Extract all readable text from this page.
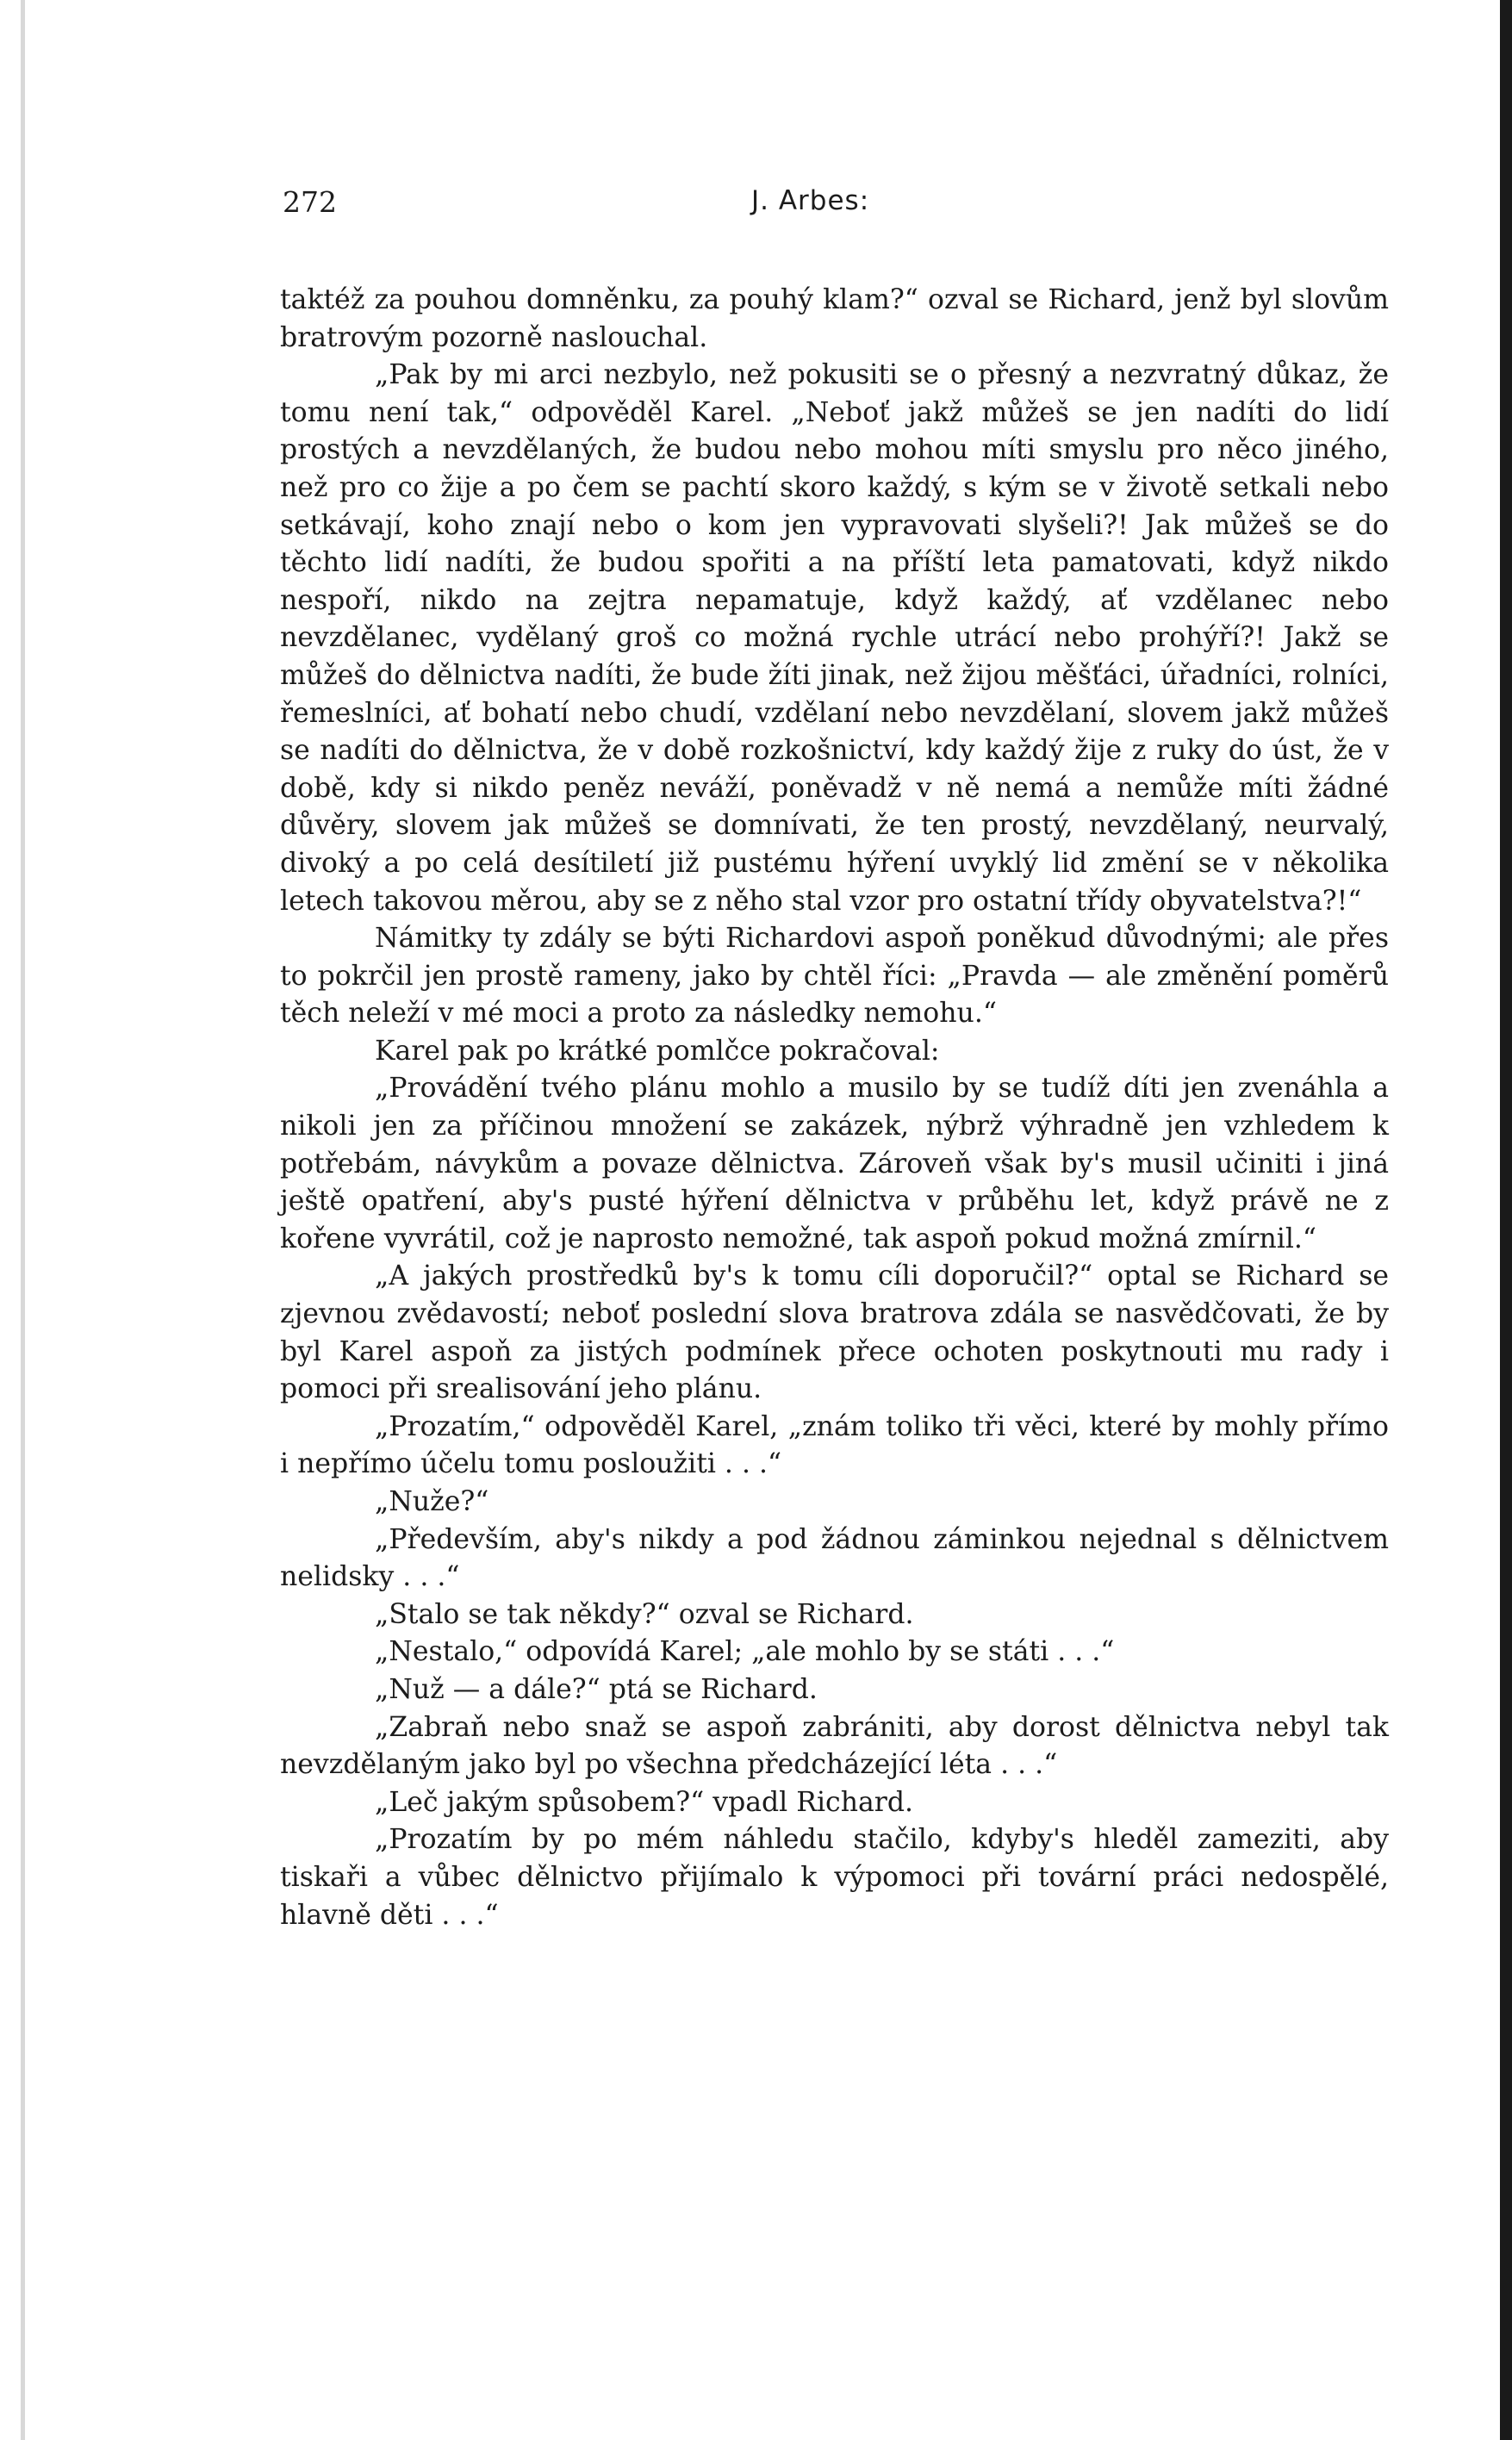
272	J. Arbes:

taktéž za pouhou domněnku, za pouhý klam?“ ozval se Richard, jenž byl slovům bratrovým pozorně naslouchal.

„Pak by mi arci nezbylo, než pokusiti se o přesný a nezvratný důkaz, že tomu není tak,“ odpověděl Karel. „Neboť jakž můžeš se jen nadíti do lidí prostých a nevzdělaných, že budou nebo mohou míti smyslu pro něco jiného, než pro co žije a po čem se pachtí skoro každý, s kým se v životě setkali nebo setkávají, koho znají nebo o kom jen vypravovati slyšeli?! Jak můžeš se do těchto lidí nadíti, že budou spořiti a na příští leta pamatovati, když nikdo nespoří, nikdo na zejtra nepamatuje, když každý, ať vzdělanec nebo nevzdělanec, vydělaný groš co možná rychle utrácí nebo prohýří?! Jakž se můžeš do dělnictva nadíti, že bude žíti jinak, než žijou měšťáci, úřadníci, rolníci, řemeslníci, ať bohatí nebo chudí, vzdělaní nebo nevzdělaní, slovem jakž můžeš se nadíti do dělnictva, že v době rozkošnictví, kdy každý žije z ruky do úst, že v době, kdy si nikdo peněz neváží, poněvadž v ně nemá a nemůže míti žádné důvěry, slovem jak můžeš se domnívati, že ten prostý, nevzdělaný, neurvalý, divoký a po celá desítiletí již pustému hýření uvyklý lid změní se v několika letech takovou měrou, aby se z něho stal vzor pro ostatní třídy obyvatelstva?!“

Námitky ty zdály se býti Richardovi aspoň poněkud důvodnými; ale přes to pokrčil jen prostě rameny, jako by chtěl říci: „Pravda — ale změnění poměrů těch neleží v mé moci a proto za následky nemohu.“

Karel pak po krátké pomlčce pokračoval:

„Provádění tvého plánu mohlo a musilo by se tudíž díti jen zvenáhla a nikoli jen za příčinou množení se zakázek, nýbrž výhradně jen vzhledem k potřebám, návykům a povaze dělnictva. Zároveň však by's musil učiniti i jiná ještě opatření, aby's pusté hýření dělnictva v průběhu let, když právě ne z kořene vyvrátil, což je naprosto nemožné, tak aspoň pokud možná zmírnil.“

„A jakých prostředků by's k tomu cíli doporučil?“ optal se Richard se zjevnou zvědavostí; neboť poslední slova bratrova zdála se nasvědčovati, že by byl Karel aspoň za jistých podmínek přece ochoten poskytnouti mu rady i pomoci při srealisování jeho plánu.

„Prozatím,“ odpověděl Karel, „znám toliko tři věci, které by mohly přímo i nepřímo účelu tomu posloužiti . . .“

„Nuže?“

„Především, aby's nikdy a pod žádnou záminkou nejednal s dělnictvem nelidsky . . .“

„Stalo se tak někdy?“ ozval se Richard.

„Nestalo,“ odpovídá Karel; „ale mohlo by se státi . . .“

„Nuž — a dále?“ ptá se Richard.

„Zabraň nebo snaž se aspoň zabrániti, aby dorost dělnictva nebyl tak nevzdělaným jako byl po všechna předcházející léta . . .“

„Leč jakým spůsobem?“ vpadl Richard.

„Prozatím by po mém náhledu stačilo, kdyby's hleděl zameziti, aby tiskaři a vůbec dělnictvo přijímalo k výpomoci při tovární práci nedospělé, hlavně děti . . .“
